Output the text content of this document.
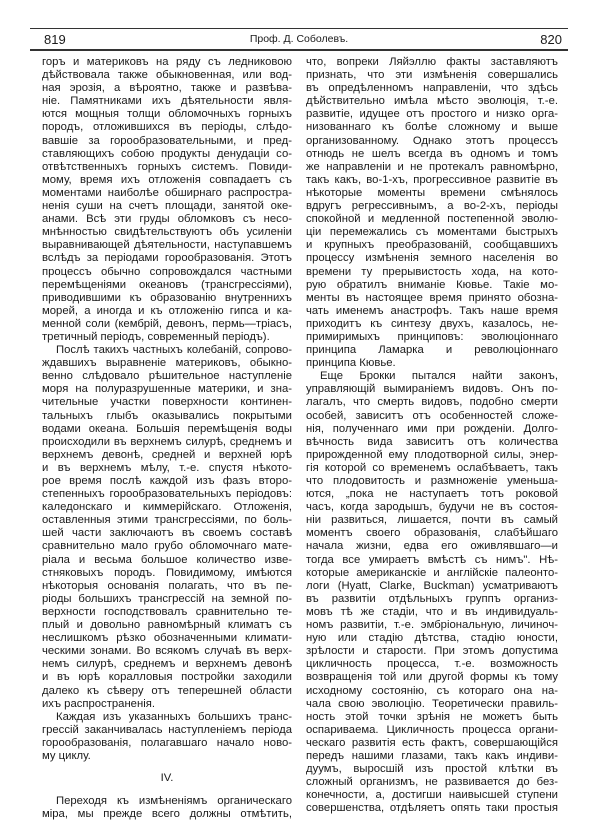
819	Проф. Д. Соболевъ.	820
горъ и материковъ на ряду съ ледниковою
дѣйствовала также обыкновенная, или вод-
ная эрозія, а вѣроятно, также и развѣва-
ніе. Памятниками ихъ дѣятельности явля-
ются мощныя толщи обломочныхъ горныхъ
породъ, отложившихся въ періоды, слѣдо-
вавшіе за горообразовательными, и пред-
ставляющихъ собою продукты денудаціи со-
отвѣтственныхъ горныхъ системъ. Повиди-
мому, время ихъ отложенія совпадаетъ съ
моментами наиболѣе обширнаго распростра-
ненія суши на счетъ площади, занятой оке-
анами. Всѣ эти груды обломковъ съ несо-
мнѣнностью свидѣтельствуютъ объ усиленіи
выравнивающей дѣятельности, наступавшемъ
вслѣдъ за періодами горообразованія. Этотъ
процессъ обычно сопровождался частными
перемѣщеніями океановъ (трансгрессіями),
приводившими къ образованію внутреннихъ
морей, а иногда и къ отложенію гипса и ка-
менной соли (кембрій, девонъ, пермь—тріасъ,
третичный періодъ, современный періодъ).
Послѣ такихъ частныхъ колебаній, сопрово-
ждавшихъ выравненіе материковъ, обыкно-
венно слѣдовало рѣшительное наступленіе
моря на полуразрушенные материки, и зна-
чительные участки поверхности континен-
тальныхъ глыбъ оказывались покрытыми
водами океана. Большія перемѣщенія воды
происходили въ верхнемъ силурѣ, среднемъ и
верхнемъ девонѣ, средней и верхней юрѣ
и въ верхнемъ мѣлу, т.-е. спустя нѣкото-
рое время послѣ каждой изъ фазъ второ-
степенныхъ горообразовательныхъ періодовъ:
каледонскаго и киммерійскаго. Отложенія,
оставленныя этими трансгрессіями, по боль-
шей части заключаютъ въ своемъ составѣ
сравнительно мало грубо обломочнаго мате-
ріала и весьма большое количество изве-
стняковыхъ породъ. Повидимому, имѣются
нѣкоторыя основанія полагать, что въ пе-
ріоды большихъ трансгрессій на земной по-
верхности господствовалъ сравнительно те-
плый и довольно равномѣрный климатъ съ
неслишкомъ рѣзко обозначенными климати-
ческими зонами. Во всякомъ случаѣ въ верх-
немъ силурѣ, среднемъ и верхнемъ девонѣ
и въ юрѣ коралловыя постройки заходили
далеко къ сѣверу отъ теперешней области
ихъ распространенія.
Каждая изъ указанныхъ большихъ транс-
грессій заканчивалась наступленіемъ періода
горообразованія, полагавшаго начало ново-
му циклу.
IV.
Переходя къ измѣненіямъ органическаго
міра, мы прежде всего должны отмѣтить,
что, вопреки Ляйэллю факты заставляютъ
признать, что эти измѣненія совершались
въ опредѣленномъ направленіи, что здѣсь
дѣйствительно имѣла мѣсто эволюція, т.-е.
развитіе, идущее отъ простого и низко орга-
низованнаго къ болѣе сложному и выше
организованному. Однако этотъ процессъ
отнюдь не шелъ всегда въ одномъ и томъ
же направленіи и не протекалъ равномѣрно,
такъ какъ, во-1-хъ, прогрессивное развитіе въ
нѣкоторые моменты времени смѣнялось
вдругъ регрессивнымъ, а во-2-хъ, періоды
спокойной и медленной постепенной эволю-
ціи перемежались съ моментами быстрыхъ
и крупныхъ преобразованій, сообщавшихъ
процессу измѣненія земного населенія во
времени ту прерывистость хода, на кото-
рую обратилъ вниманіе Кювье. Такіе мо-
менты въ настоящее время принято обозна-
чать именемъ анастрофъ. Такъ наше время
приходитъ къ синтезу двухъ, казалось, не-
примиримыхъ принциповъ: эволюціоннаго
принципа Ламарка и революціоннаго
принципа Кювье.
Еще Брокки пытался найти законъ,
управляющій вымираніемъ видовъ. Онъ по-
лагалъ, что смерть видовъ, подобно смерти
особей, зависитъ отъ особенностей сложе-
нія, полученнаго ими при рожденіи. Долго-
вѣчность вида зависитъ отъ количества
прирожденной ему плодотворной силы, энер-
гія которой со временемъ ослабѣваетъ, такъ
что плодовитость и размноженіе уменьша-
ются, „пока не наступаетъ тотъ роковой
часъ, когда зародышъ, будучи не въ состоя-
ніи развиться, лишается, почти въ самый
моментъ своего образованія, слабѣйшаго
начала жизни, едва его оживлявшаго—и
тогда все умираетъ вмѣстѣ съ нимъ". Нѣ-
которые американскіе и англійскіе палеонто-
логи (Hyatt, Clarke, Buckman) усматриваютъ
въ развитіи отдѣльныхъ группъ организ-
мовъ тѣ же стадіи, что и въ индивидуаль-
номъ развитіи, т.-е. эмбріональную, личиноч-
ную или стадію дѣтства, стадію юности,
зрѣлости и старости. При этомъ допустима
цикличность процесса, т.-е. возможность
возвращенія той или другой формы къ тому
исходному состоянію, съ котораго она на-
чала свою эволюцію. Теоретически правиль-
ность этой точки зрѣнія не можетъ быть
оспариваема. Цикличность процесса органи-
ческаго развитія есть фактъ, совершающійся
передъ нашими глазами, такъ какъ индиви-
дуумъ, выросшій изъ простой клѣтки въ
сложный организмъ, не развивается до без-
конечности, а, достигши наивысшей ступени
совершенства, отдѣляетъ опять таки простыя
